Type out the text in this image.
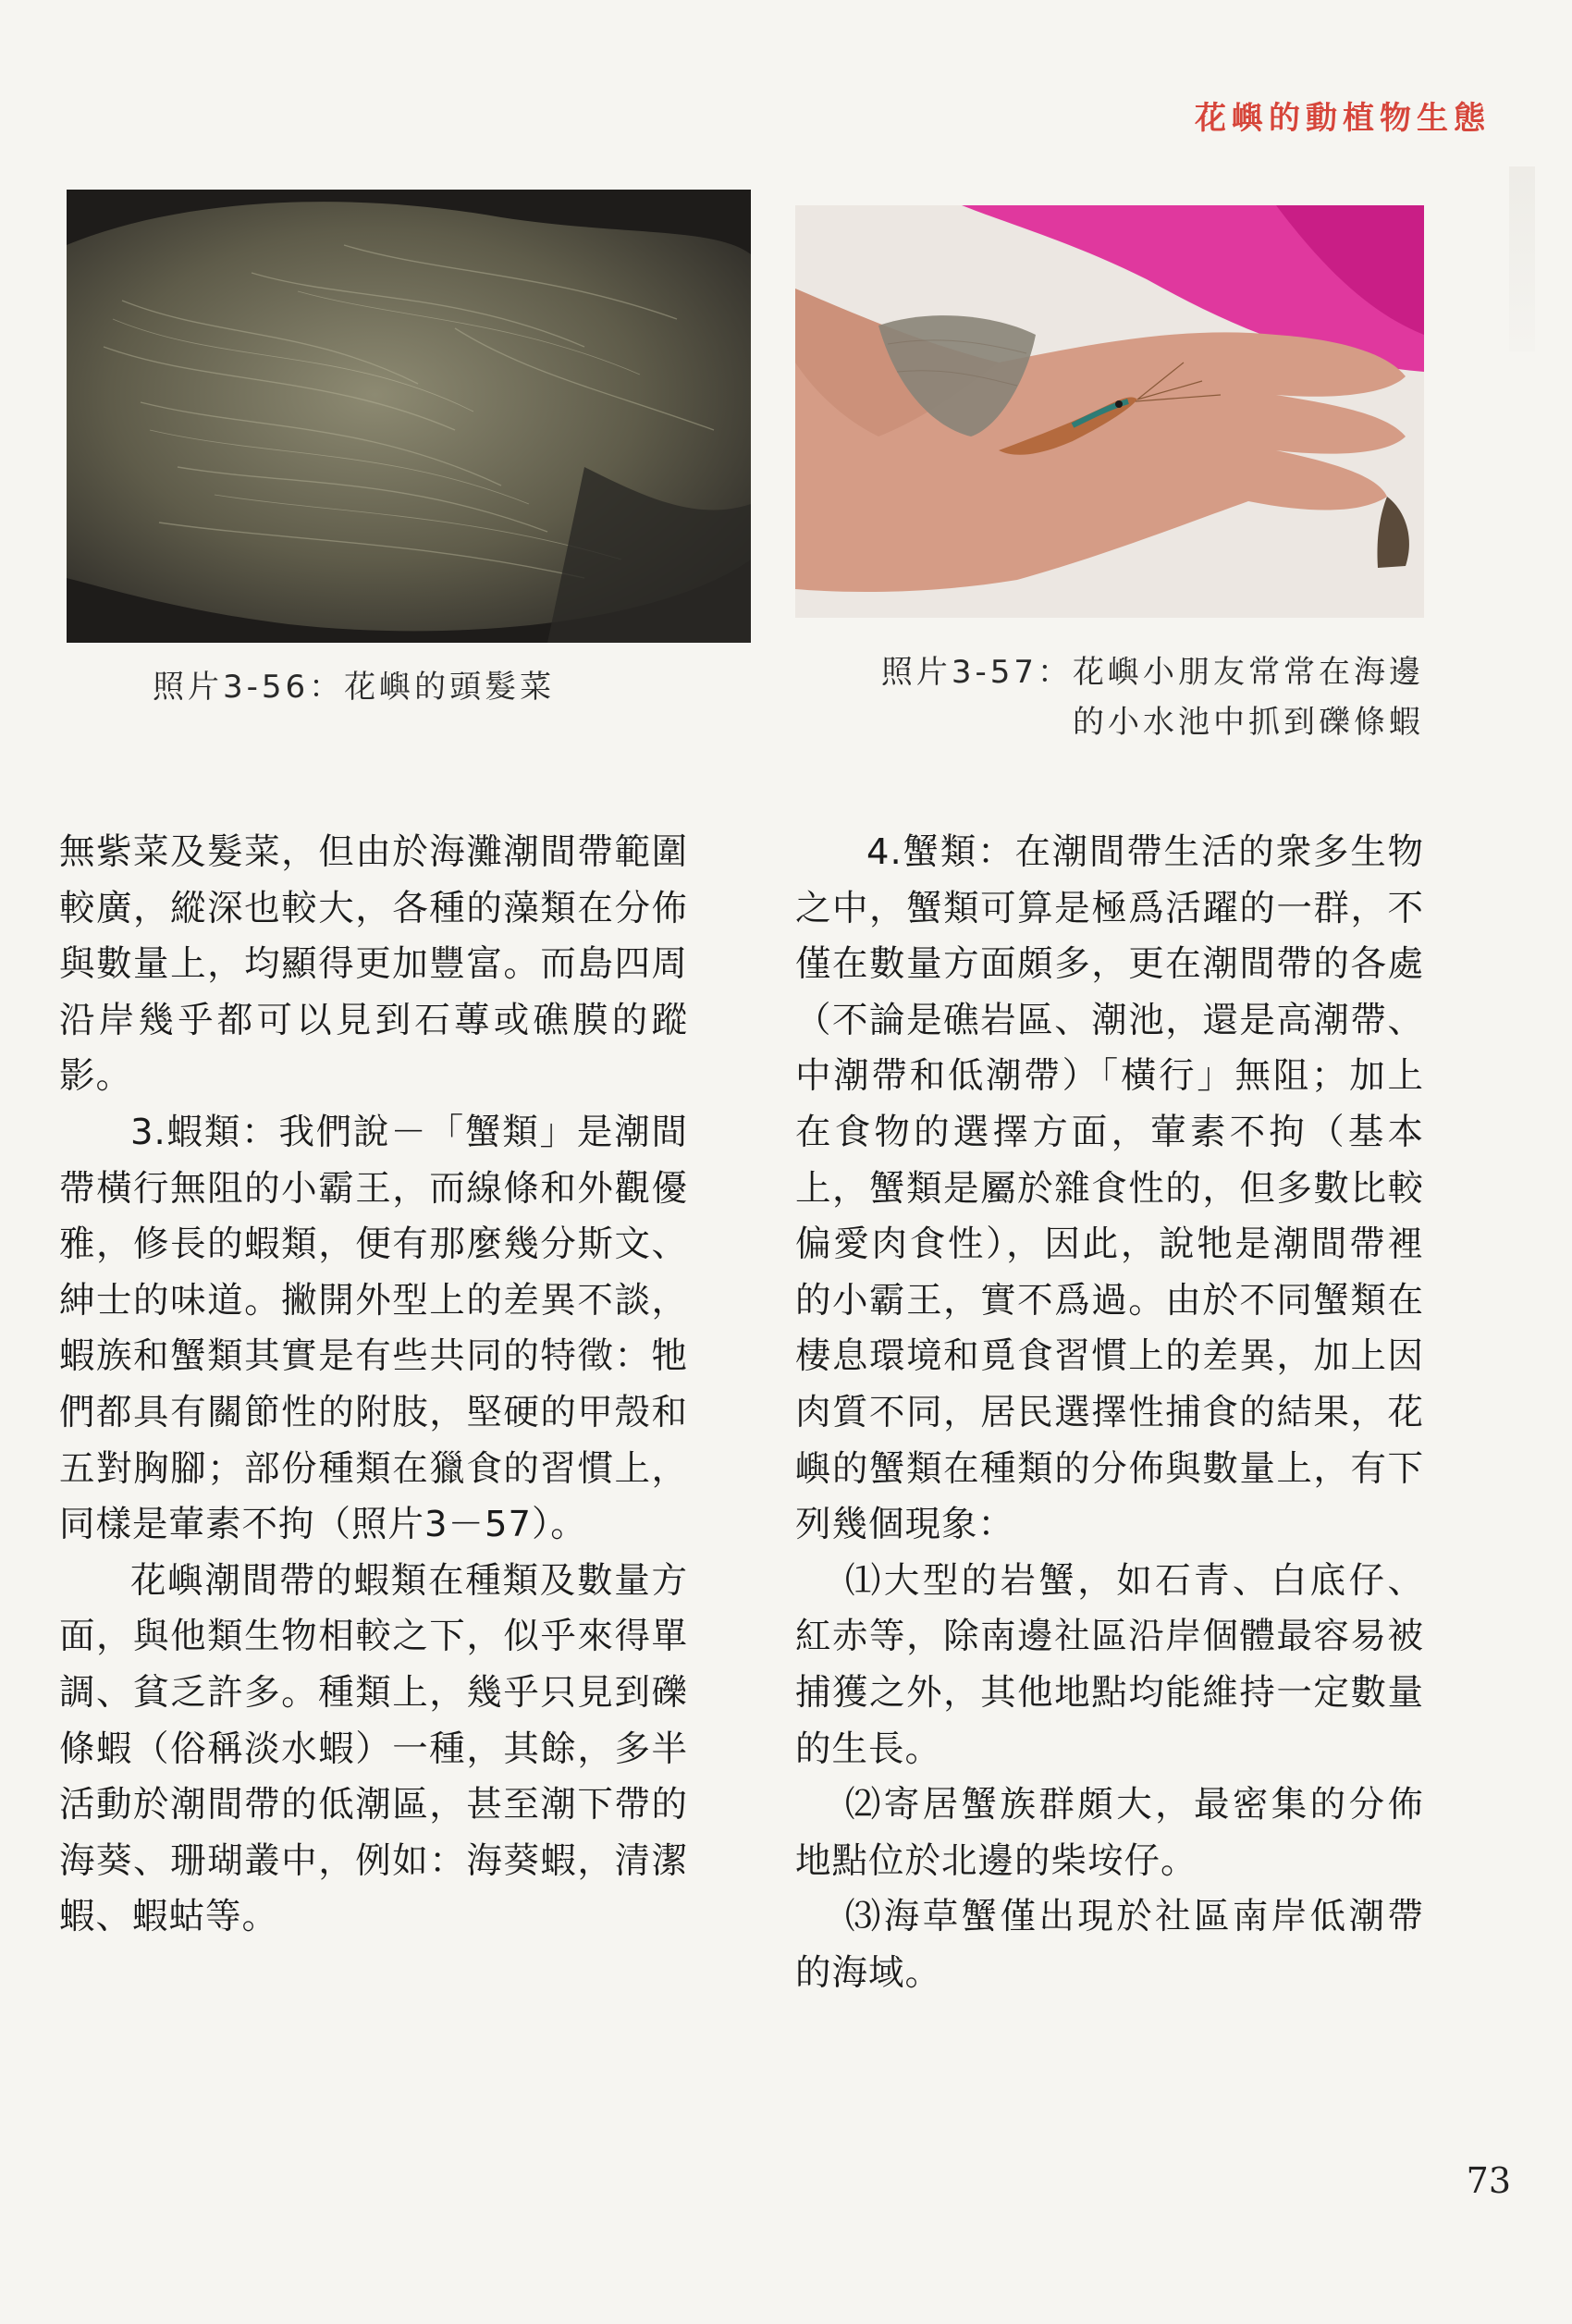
花嶼的動植物生態
照片3-56：花嶼的頭髮菜	照片3-57：花嶼小朋友常常在海邊
的小水池中抓到礫條蝦

無紫菜及髮菜，但由於海灘潮間帶範圍較廣，縱深也較大，各種的藻類在分佈與數量上，均顯得更加豐富。而島四周沿岸幾乎都可以見到石蓴或礁膜的蹤影。

3.蝦類：我們說－「蟹類」是潮間帶橫行無阻的小霸王，而線條和外觀優雅，修長的蝦類，便有那麼幾分斯文、紳士的味道。撇開外型上的差異不談，蝦族和蟹類其實是有些共同的特徵：牠們都具有關節性的附肢，堅硬的甲殼和五對胸腳；部份種類在獵食的習慣上，同樣是葷素不拘（照片3－57）。

花嶼潮間帶的蝦類在種類及數量方面，與他類生物相較之下，似乎來得單調、貧乏許多。種類上，幾乎只見到礫條蝦（俗稱淡水蝦）一種，其餘，多半活動於潮間帶的低潮區，甚至潮下帶的海葵、珊瑚叢中，例如：海葵蝦，清潔蝦、蝦蛄等。

4.蟹類：在潮間帶生活的衆多生物之中，蟹類可算是極爲活躍的一群，不僅在數量方面頗多，更在潮間帶的各處（不論是礁岩區、潮池，還是高潮帶、中潮帶和低潮帶）「橫行」無阻；加上在食物的選擇方面，葷素不拘（基本上，蟹類是屬於雜食性的，但多數比較偏愛肉食性），因此，說牠是潮間帶裡的小霸王，實不爲過。由於不同蟹類在棲息環境和覓食習慣上的差異，加上因肉質不同，居民選擇性捕食的結果，花嶼的蟹類在種類的分佈與數量上，有下列幾個現象：

⑴大型的岩蟹，如石青、白底仔、紅赤等，除南邊社區沿岸個體最容易被捕獲之外，其他地點均能維持一定數量的生長。

⑵寄居蟹族群頗大，最密集的分佈地點位於北邊的柴垵仔。

⑶海草蟹僅出現於社區南岸低潮帶的海域。

73
